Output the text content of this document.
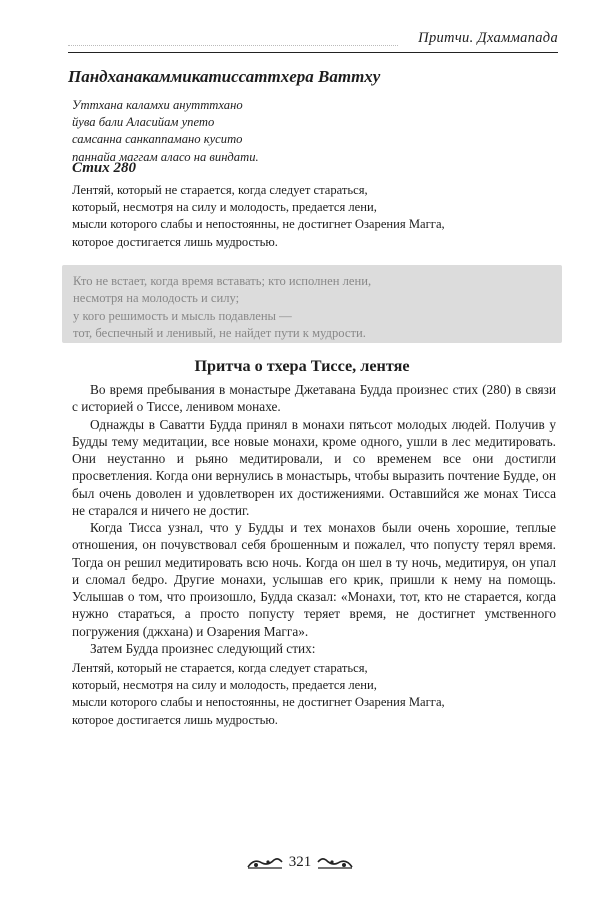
Притчи. Дхаммапада
Пандханакаммикатиссаттхера Ваттху
Уттхана каламхи анутттхано
йува бали Аласийам упето
самсанна санкаппамано кусито
паннайа маггам аласо на виндати.
Стих 280
Лентяй, который не старается, когда следует стараться,
который, несмотря на силу и молодость, предается лени,
мысли которого слабы и непостоянны, не достигнет Озарения Магга,
которое достигается лишь мудростью.
Кто не встает, когда время вставать; кто исполнен лени,
несмотря на молодость и силу;
у кого решимость и мысль подавлены —
тот, беспечный и ленивый, не найдет пути к мудрости.
Притча о тхера Тиссе, лентяе

Во время пребывания в монастыре Джетавана Будда произнес стих (280) в связи с историей о Тиссе, ленивом монахе.

Однажды в Саватти Будда принял в монахи пятьсот молодых людей. Получив у Будды тему медитации, все новые монахи, кроме одного, ушли в лес медитировать. Они неустанно и рьяно медитировали, и со временем все они достигли просветления. Когда они вернулись в монастырь, чтобы выразить почтение Будде, он был очень доволен и удовлетворен их достижениями. Оставшийся же монах Тисса не старался и ничего не достиг.

Когда Тисса узнал, что у Будды и тех монахов были очень хорошие, теплые отношения, он почувствовал себя брошенным и пожалел, что попусту терял время. Тогда он решил медитировать всю ночь. Когда он шел в ту ночь, медитируя, он упал и сломал бедро. Другие монахи, услышав его крик, пришли к нему на помощь. Услышав о том, что произошло, Будда сказал: «Монахи, тот, кто не старается, когда нужно стараться, а просто попусту теряет время, не достигнет умственного погружения (джхана) и Озарения Магга».

Затем Будда произнес следующий стих:

Лентяй, который не старается, когда следует стараться,
который, несмотря на силу и молодость, предается лени,
мысли которого слабы и непостоянны, не достигнет Озарения Магга,
которое достигается лишь мудростью.
321
